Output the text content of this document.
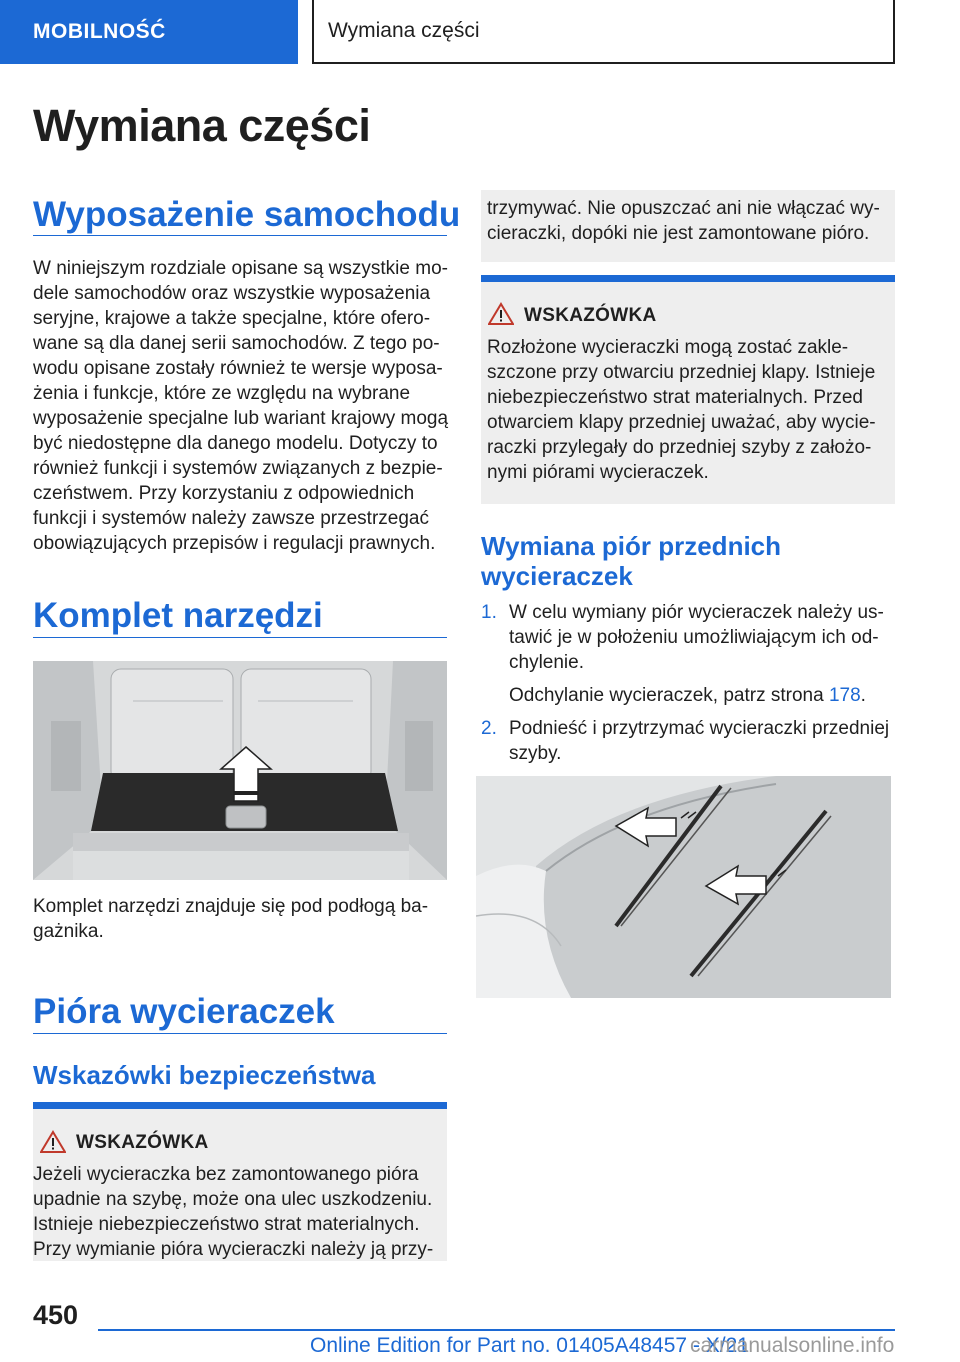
MOBILNOŚĆ	Wymiana części
Wymiana części
Wyposażenie samochodu
W niniejszym rozdziale opisane są wszystkie mo-
dele samochodów oraz wszystkie wyposażenia
seryjne, krajowe a także specjalne, które ofero-
wane są dla danej serii samochodów. Z tego po-
wodu opisane zostały również te wersje wyposa-
żenia i funkcje, które ze względu na wybrane
wyposażenie specjalne lub wariant krajowy mogą
być niedostępne dla danego modelu. Dotyczy to
również funkcji i systemów związanych z bezpie-
czeństwem. Przy korzystaniu z odpowiednich
funkcji i systemów należy zawsze przestrzegać
obowiązujących przepisów i regulacji prawnych.
Komplet narzędzi
Komplet narzędzi znajduje się pod podłogą ba-
gażnika.
Pióra wycieraczek
Wskazówki bezpieczeństwa
WSKAZÓWKA
Jeżeli wycieraczka bez zamontowanego pióra
upadnie na szybę, może ona ulec uszkodzeniu.
Istnieje niebezpieczeństwo strat materialnych.
Przy wymianie pióra wycieraczki należy ją przy-
trzymywać. Nie opuszczać ani nie włączać wy-
cieraczki, dopóki nie jest zamontowane pióro.
WSKAZÓWKA
Rozłożone wycieraczki mogą zostać zakle-
szczone przy otwarciu przedniej klapy. Istnieje
niebezpieczeństwo strat materialnych. Przed
otwarciem klapy przedniej uważać, aby wycie-
raczki przylegały do przedniej szyby z założo-
nymi piórami wycieraczek.
Wymiana piór przednich
wycieraczek
1. W celu wymiany piór wycieraczek należy us-
tawić je w położeniu umożliwiającym ich od-
chylenie.
Odchylanie wycieraczek, patrz strona 178.
2. Podnieść i przytrzymać wycieraczki przedniej
szyby.
450
Online Edition for Part no. 01405A48457 - X/21
carmanualsonline.info
